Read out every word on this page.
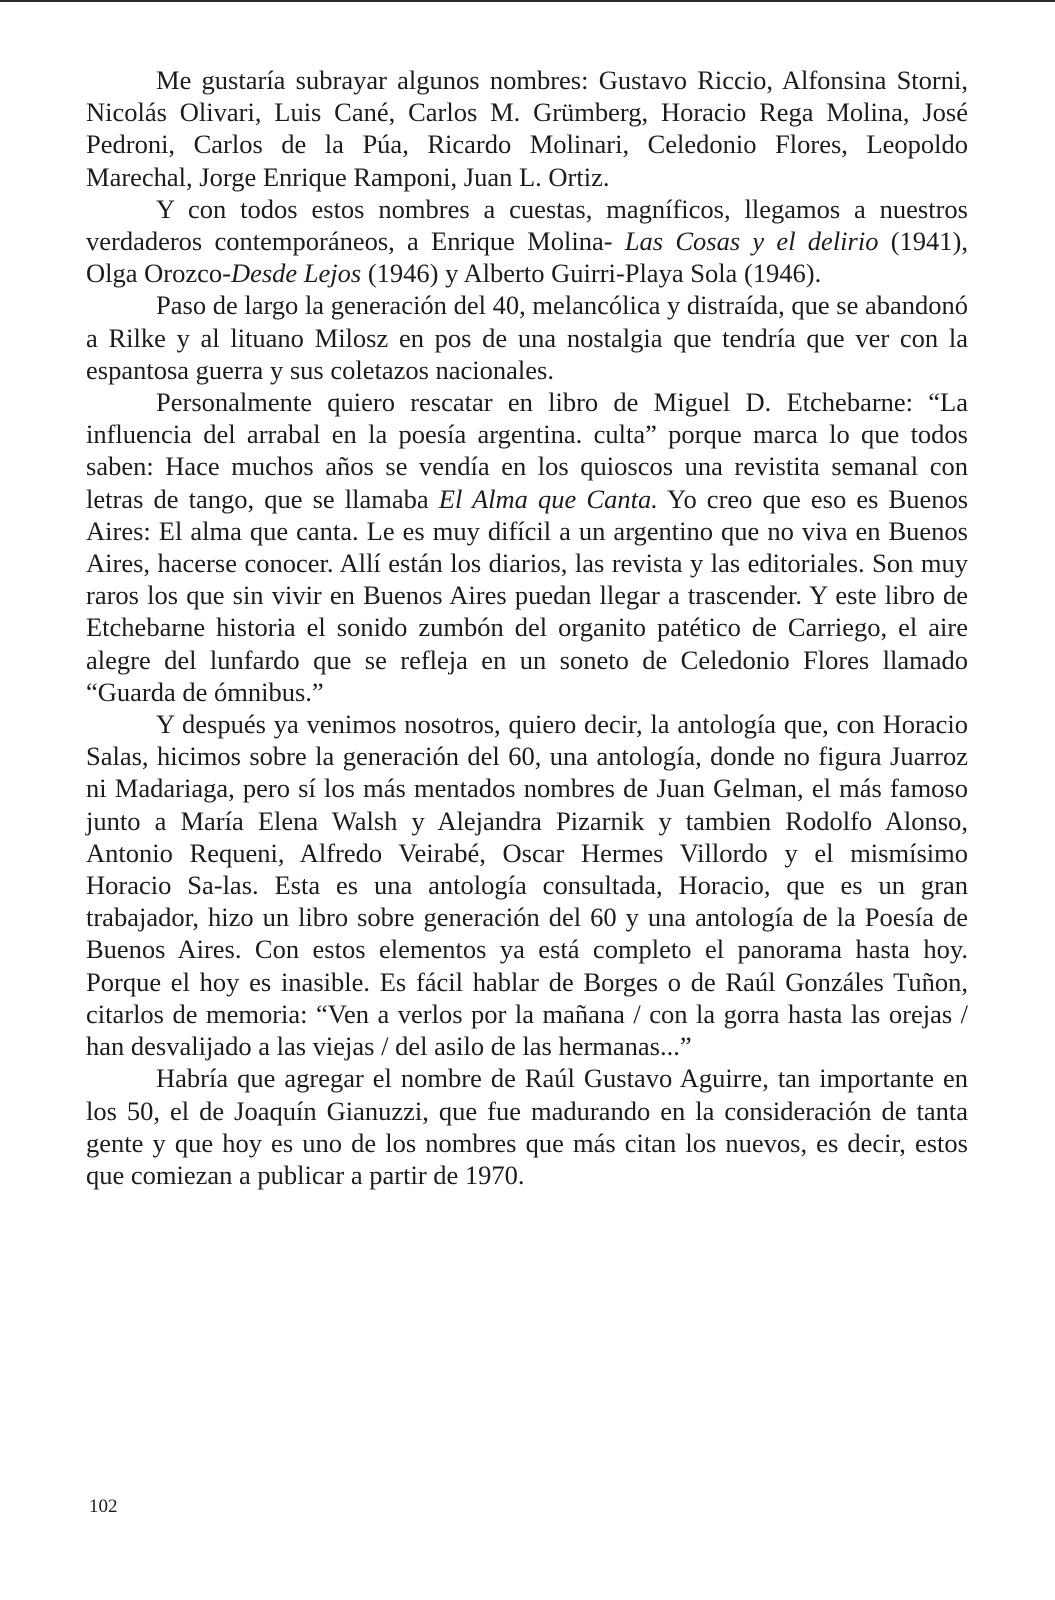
Me gustaría subrayar algunos nombres: Gustavo Riccio, Alfonsina Storni, Nicolás Olivari, Luis Cané, Carlos M. Grümberg, Horacio Rega Molina, José Pedroni, Carlos de la Púa, Ricardo Molinari, Celedonio Flores, Leopoldo Marechal, Jorge Enrique Ramponi, Juan L. Ortiz.

Y con todos estos nombres a cuestas, magníficos, llegamos a nuestros verdaderos contemporáneos, a Enrique Molina- Las Cosas y el delirio (1941), Olga Orozco-Desde Lejos (1946) y Alberto Guirri-Playa Sola (1946).

Paso de largo la generación del 40, melancólica y distraída, que se abandonó a Rilke y al lituano Milosz en pos de una nostalgia que tendría que ver con la espantosa guerra y sus coletazos nacionales.

Personalmente quiero rescatar en libro de Miguel D. Etchebarne: “La influencia del arrabal en la poesía argentina. culta” porque marca lo que todos saben: Hace muchos años se vendía en los quioscos una revistita semanal con letras de tango, que se llamaba El Alma que Canta. Yo creo que eso es Buenos Aires: El alma que canta. Le es muy difícil a un argentino que no viva en Buenos Aires, hacerse conocer. Allí están los diarios, las revista y las editoriales. Son muy raros los que sin vivir en Buenos Aires puedan llegar a trascender. Y este libro de Etchebarne historia el sonido zumbón del organito patético de Carriego, el aire alegre del lunfardo que se refleja en un soneto de Celedonio Flores llamado “Guarda de ómnibus.”

Y después ya venimos nosotros, quiero decir, la antología que, con Horacio Salas, hicimos sobre la generación del 60, una antología, donde no figura Juarroz ni Madariaga, pero sí los más mentados nombres de Juan Gelman, el más famoso junto a María Elena Walsh y Alejandra Pizarnik y tambien Rodolfo Alonso, Antonio Requeni, Alfredo Veirabé, Oscar Hermes Villordo y el mismísimo Horacio Sa-las. Esta es una antología consultada, Horacio, que es un gran trabajador, hizo un libro sobre generación del 60 y una antología de la Poesía de Buenos Aires. Con estos elementos ya está completo el panorama hasta hoy. Porque el hoy es inasible. Es fácil hablar de Borges o de Raúl Gonzáles Tuñon, citarlos de memoria: “Ven a verlos por la mañana / con la gorra hasta las orejas / han desvalijado a las viejas / del asilo de las hermanas...”

Habría que agregar el nombre de Raúl Gustavo Aguirre, tan importante en los 50, el de Joaquín Gianuzzi, que fue madurando en la consideración de tanta gente y que hoy es uno de los nombres que más citan los nuevos, es decir, estos que comiezan a publicar a partir de 1970.

102
